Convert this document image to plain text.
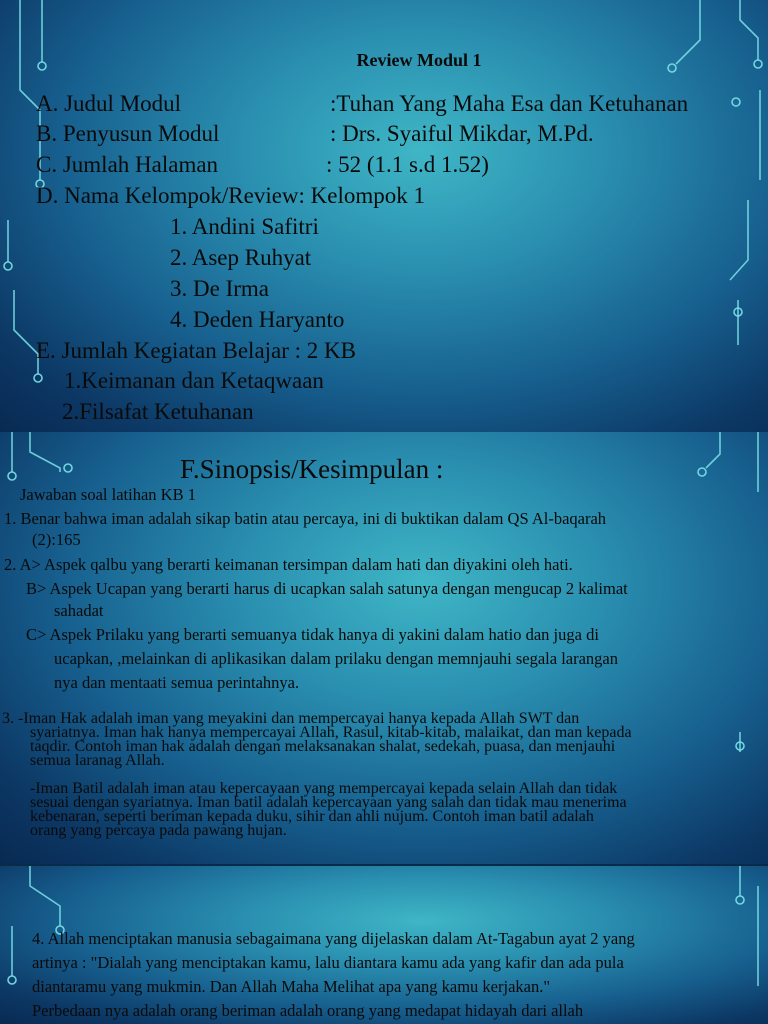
Review Modul 1
A. Judul Modul	:Tuhan Yang Maha Esa dan Ketuhanan
B. Penyusun Modul	: Drs. Syaiful Mikdar, M.Pd.
C. Jumlah Halaman	: 52 (1.1 s.d 1.52)
D. Nama Kelompok/Review: Kelompok 1
1. Andini Safitri
2. Asep Ruhyat
3. De Irma
4. Deden Haryanto
E. Jumlah Kegiatan Belajar : 2 KB
1.Keimanan dan Ketaqwaan
2.Filsafat Ketuhanan
F.Sinopsis/Kesimpulan :
Jawaban soal latihan KB 1
1. Benar bahwa iman adalah sikap batin atau percaya, ini di buktikan dalam QS Al-baqarah
(2):165
2. A> Aspek qalbu yang berarti keimanan tersimpan dalam hati dan diyakini oleh hati.
B> Aspek Ucapan yang berarti harus di ucapkan salah satunya dengan mengucap 2 kalimat
sahadat
C> Aspek Prilaku yang berarti semuanya tidak hanya di yakini dalam hatio dan juga di
ucapkan, ,melainkan di aplikasikan dalam prilaku dengan memnjauhi segala larangan
nya dan mentaati semua perintahnya.
3. -Iman Hak adalah iman yang meyakini dan mempercayai hanya kepada Allah SWT dan
syariatnya. Iman hak hanya mempercayai Allah, Rasul, kitab-kitab, malaikat, dan man kepada
taqdir. Contoh iman hak adalah dengan melaksanakan shalat, sedekah, puasa, dan menjauhi
semua laranag Allah.
-Iman Batil adalah iman atau kepercayaan yang mempercayai kepada selain Allah dan tidak
sesuai dengan syariatnya. Iman batil adalah kepercayaan yang salah dan tidak mau menerima
kebenaran, seperti beriman kepada duku, sihir dan ahli nujum. Contoh iman batil adalah
orang yang percaya pada pawang hujan.
4. Allah menciptakan manusia sebagaimana yang dijelaskan dalam At-Tagabun ayat 2 yang
artinya : "Dialah yang menciptakan kamu, lalu diantara kamu ada yang kafir dan ada pula
diantaramu yang mukmin. Dan Allah Maha Melihat apa yang kamu kerjakan."
Perbedaan nya adalah orang beriman adalah orang yang medapat hidayah dari allah
